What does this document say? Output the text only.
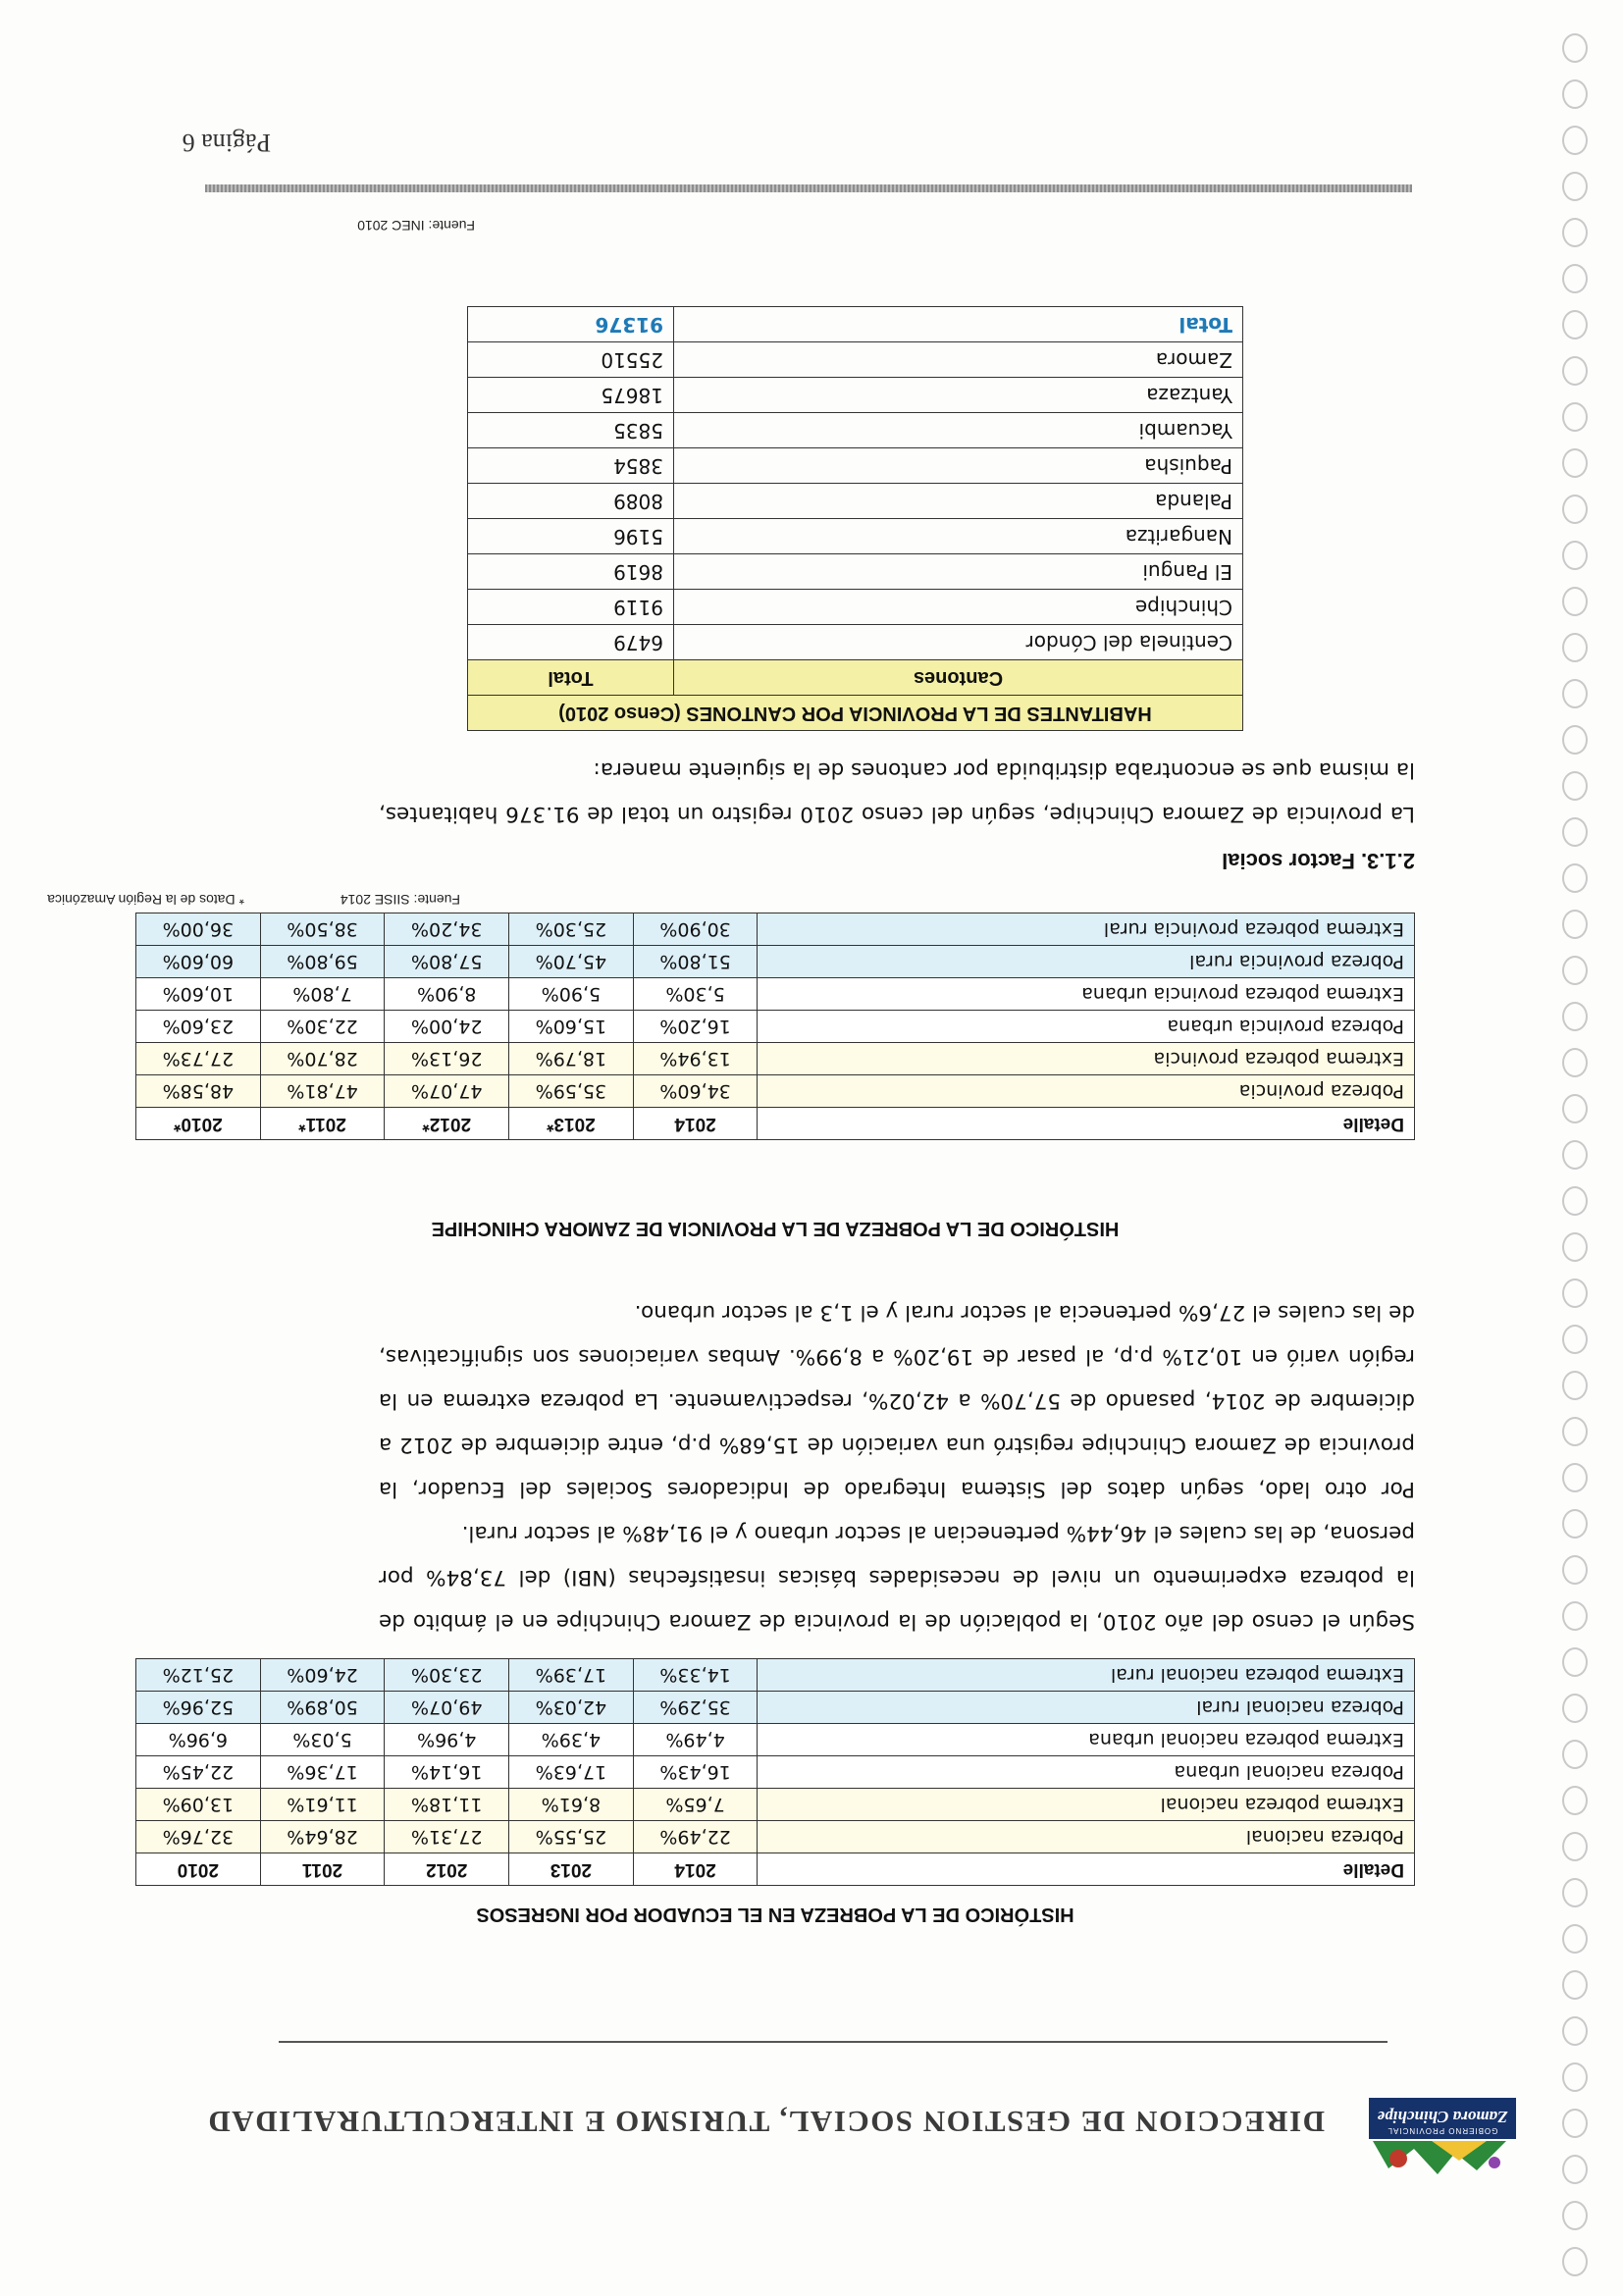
Página 6
Fuente: INEC 2010
HABITANTES DE LA PROVINCIA POR CANTONES (Censo 2010)	
Cantones	Total
Centinela del Cóndor	6479
Chinchipe	9119
El Pangui	8619
Nangaritza	5196
Palanda	8089
Paquisha	3854
Yacuambi	5835
Yantzaza	18675
Zamora	25510
Total	91376
La provincia de Zamora Chinchipe, según del censo 2010 registro un total de 91.376 habitantes, la misma que se encontraba distribuida por cantones de la siguiente manera:
2.1.3. Factor social
Fuente: SIISE 2014
* Datos de la Región Amazónica
Detalle	2014	2013*	2012*	2011*	2010*
Pobreza provincia	34,60%	35,59%	47,07%	47,81%	48,58%
Extrema pobreza provincia	13,94%	18,79%	26,13%	28,70%	27,73%
Pobreza provincia urbana	16,20%	15,60%	24,00%	22,30%	23,60%
Extrema pobreza provincia urbana	5,30%	5,90%	8,90%	7,80%	10,60%
Pobreza provincia rural	51,80%	45,70%	57,80%	59,80%	60,60%
Extrema pobreza provincia rural	30,90%	25,30%	34,20%	38,50%	36,00%
HISTÓRICO DE LA POBREZA DE LA PROVINCIA DE ZAMORA CHINCHIPE
Por otro lado, según datos del Sistema Integrado de Indicadores Sociales del Ecuador, la provincia de Zamora Chinchipe registró una variación de 15,68% p.p, entre diciembre de 2012 a diciembre de 2014, pasando de 57,70% a 42,02%, respectivamente. La pobreza extrema en la región varió en 10,21% p.p, al pasar de 19,20% a 8,99%. Ambas variaciones son significativas, de las cuales el 27,6% pertenecia al sector rural y el 1,3 al sector urbano.
Según el censo del año 2010, la población de la provincia de Zamora Chinchipe en el ámbito de la pobreza experimento un nivel de necesidades básicas insatisfechas (NBI) del 73,84% por persona, de las cuales el 46,44% pertenecian al sector urbano y el 91,48% al sector rural.
Detalle	2014	2013	2012	2011	2010
Pobreza nacional	22,49%	25,55%	27,31%	28,64%	32,76%
Extrema pobreza nacional	7,65%	8,61%	11,18%	11,61%	13,09%
Pobreza nacional urbana	16,43%	17,63%	16,14%	17,36%	22,45%
Extrema pobreza nacional urbana	4,49%	4,39%	4,96%	5,03%	6,96%
Pobreza nacional rural	35,29%	42,03%	49,07%	50,89%	52,96%
Extrema pobreza nacional rural	14,33%	17,39%	23,30%	24,60%	25,12%
HISTÓRICO DE LA POBREZA EN EL ECUADOR POR INGRESOS
GOBIERNO PROVINCIAL
Zamora Chinchipe
DIRECCION DE GESTION SOCIAL, TURISMO E INTERCULTURALIDAD
